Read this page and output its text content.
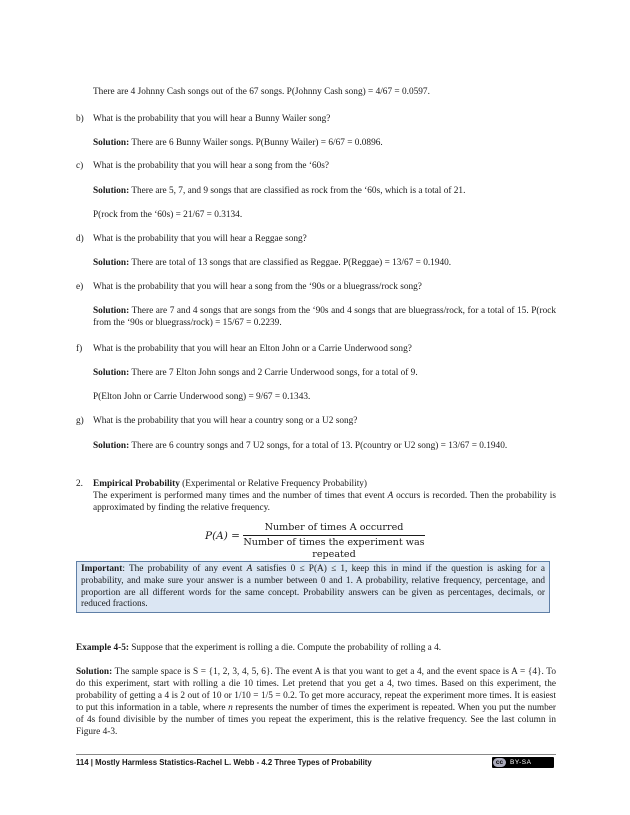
There are 4 Johnny Cash songs out of the 67 songs. P(Johnny Cash song) = 4/67 = 0.0597.
b) What is the probability that you will hear a Bunny Wailer song?
Solution: There are 6 Bunny Wailer songs. P(Bunny Wailer) = 6/67 = 0.0896.
c) What is the probability that you will hear a song from the ‘60s?
Solution: There are 5, 7, and 9 songs that are classified as rock from the ‘60s, which is a total of 21.
P(rock from the ‘60s) = 21/67 = 0.3134.
d) What is the probability that you will hear a Reggae song?
Solution: There are total of 13 songs that are classified as Reggae. P(Reggae) = 13/67 = 0.1940.
e) What is the probability that you will hear a song from the ‘90s or a bluegrass/rock song?
Solution: There are 7 and 4 songs that are songs from the ‘90s and 4 songs that are bluegrass/rock, for a total of 15. P(rock from the ‘90s or bluegrass/rock) = 15/67 = 0.2239.
f) What is the probability that you will hear an Elton John or a Carrie Underwood song?
Solution: There are 7 Elton John songs and 2 Carrie Underwood songs, for a total of 9.
P(Elton John or Carrie Underwood song) = 9/67 = 0.1343.
g) What is the probability that you will hear a country song or a U2 song?
Solution: There are 6 country songs and 7 U2 songs, for a total of 13. P(country or U2 song) = 13/67 = 0.1940.
2. Empirical Probability (Experimental or Relative Frequency Probability)
The experiment is performed many times and the number of times that event A occurs is recorded. Then the probability is approximated by finding the relative frequency.
P(A) =
Number of times A occurred
Number of times the experiment was repeated
Important: The probability of any event A satisfies 0 ≤ P(A) ≤ 1, keep this in mind if the question is asking for a probability, and make sure your answer is a number between 0 and 1. A probability, relative frequency, percentage, and proportion are all different words for the same concept. Probability answers can be given as percentages, decimals, or reduced fractions.
Example 4-5: Suppose that the experiment is rolling a die. Compute the probability of rolling a 4.
Solution: The sample space is S = {1, 2, 3, 4, 5, 6}. The event A is that you want to get a 4, and the event space is A = {4}. To do this experiment, start with rolling a die 10 times. Let pretend that you get a 4, two times. Based on this experiment, the probability of getting a 4 is 2 out of 10 or 1/10 = 1/5 = 0.2. To get more accuracy, repeat the experiment more times. It is easiest to put this information in a table, where n represents the number of times the experiment is repeated. When you put the number of 4s found divisible by the number of times you repeat the experiment, this is the relative frequency. See the last column in Figure 4-3.
114 | Mostly Harmless Statistics-Rachel L. Webb - 4.2 Three Types of Probability	cc	BY-SA
